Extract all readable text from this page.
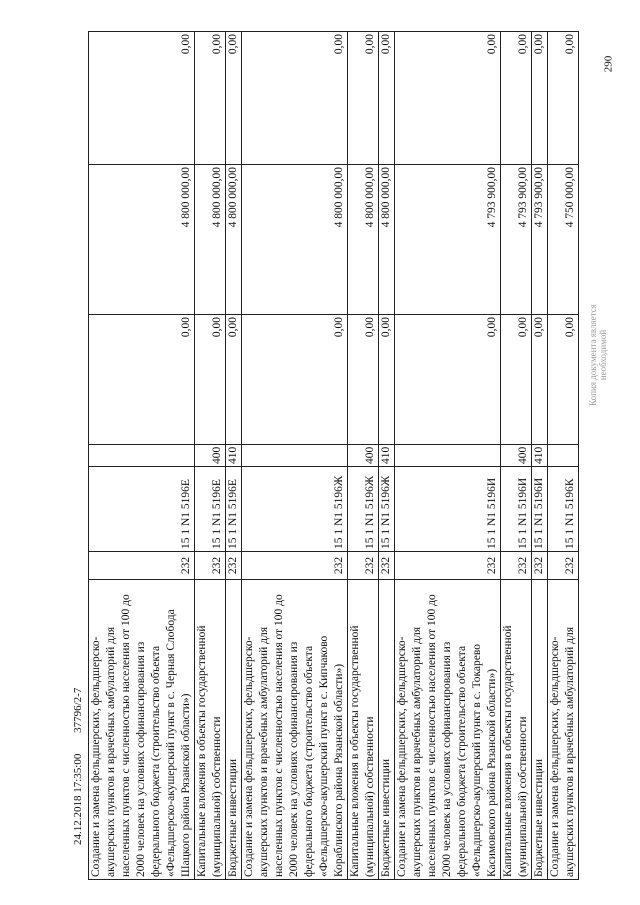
290
Создание и замена фельдшерских, фельдшерско-акушерских пунктов и врачебных амбулаторий для населенных пунктов с численностью населения от 100 до 2000 человек на условиях софинансирования из федерального бюджета (строительство объекта «Фельдшерско-акушерский пункт в с. Черная Слобода Шацкого района Рязанской области»)	232	15 1 N1 5196Е		0,00	4 800 000,00	0,00
Капитальные вложения в объекты государственной (муниципальной) собственности	232	15 1 N1 5196Е	400	0,00	4 800 000,00	0,00
Бюджетные инвестиции	232	15 1 N1 5196Е	410	0,00	4 800 000,00	0,00
Создание и замена фельдшерских, фельдшерско-акушерских пунктов и врачебных амбулаторий для населенных пунктов с численностью населения от 100 до 2000 человек на условиях софинансирования из федерального бюджета (строительство объекта «Фельдшерско-акушерский пункт в с. Кипчаково Кораблинского района Рязанской области»)	232	15 1 N1 5196Ж		0,00	4 800 000,00	0,00
Капитальные вложения в объекты государственной (муниципальной) собственности	232	15 1 N1 5196Ж	400	0,00	4 800 000,00	0,00
Бюджетные инвестиции	232	15 1 N1 5196Ж	410	0,00	4 800 000,00	0,00
Создание и замена фельдшерских, фельдшерско-акушерских пунктов и врачебных амбулаторий для населенных пунктов с численностью населения от 100 до 2000 человек на условиях софинансирования из федерального бюджета (строительство объекта «Фельдшерско-акушерский пункт в с. Токарево Касимовского района Рязанской области»)	232	15 1 N1 5196И		0,00	4 793 900,00	0,00
Капитальные вложения в объекты государственной (муниципальной) собственности	232	15 1 N1 5196И	400	0,00	4 793 900,00	0,00
Бюджетные инвестиции	232	15 1 N1 5196И	410	0,00	4 793 900,00	0,00
Создание и замена фельдшерских, фельдшерско-акушерских пунктов и врачебных амбулаторий для	232	15 1 N1 5196К		0,00	4 750 000,00	0,00
24.12.2018 17:35:00 37796/2-7
Копия документа является необходимой
